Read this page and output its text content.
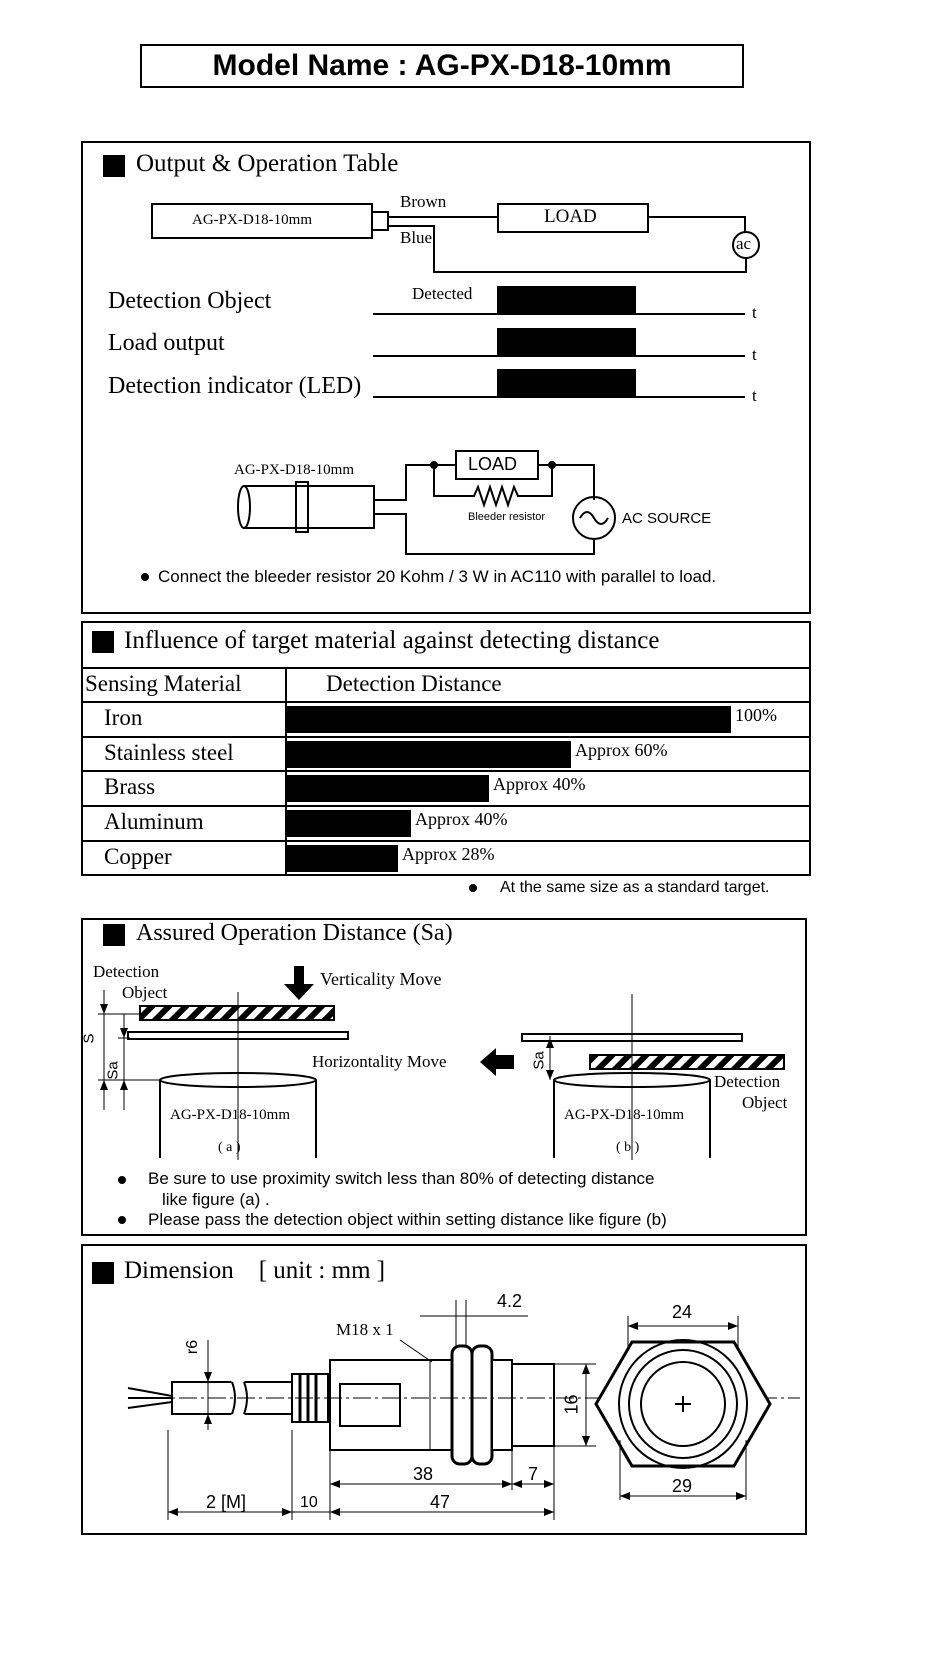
Model Name : AG-PX-D18-10mm
Output & Operation Table
AG-PX-D18-10mm
Brown
Blue
LOAD
ac
Detection Object
Load output
Detection indicator (LED)
Detected
t
t
t
AG-PX-D18-10mm	LOAD
Bleeder resistor	AC SOURCE
Connect the bleeder resistor 20 Kohm / 3 W in AC110 with parallel to load.
Influence of target material against detecting distance
Sensing Material	Detection Distance
Iron	100%
Stainless steel	Approx 60%
Brass	Approx 40%
Aluminum	Approx 40%
Copper	Approx 28%
At the same size as a standard target.
Assured Operation Distance (Sa)
Detection
Object
Verticality Move
Horizontality Move
S
Sa
Sa
AG-PX-D18-10mm	AG-PX-D18-10mm
( a )	( b )
Detection
Object
Be sure to use proximity switch less than 80% of detecting distance
like figure (a) .
Please pass the detection object within setting distance like figure (b)
Dimension    [ unit : mm ]
M18 x 1
r6
4.2
24
16
38	7
2 [M]	10	47
29
